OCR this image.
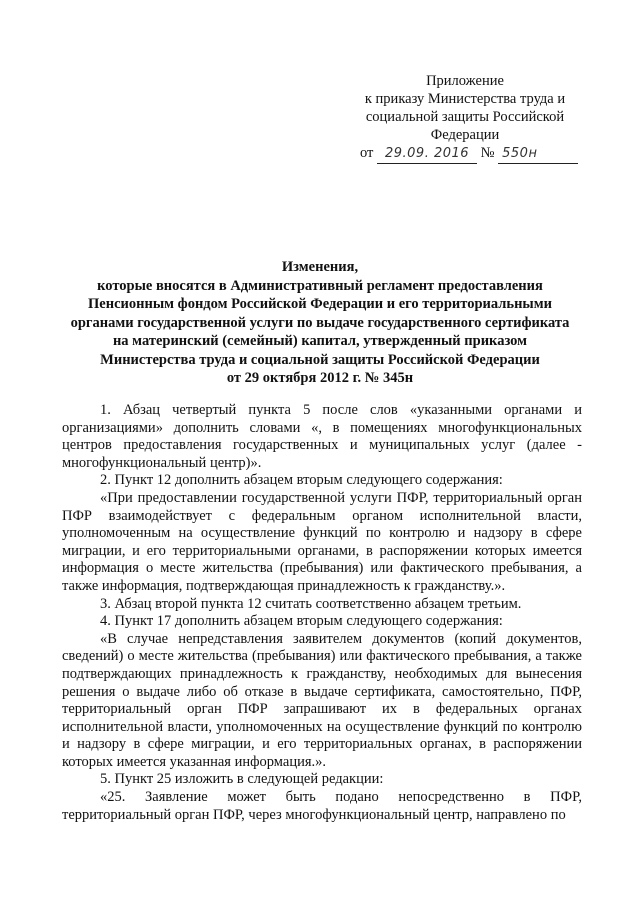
Приложение
к приказу Министерства труда и
социальной защиты Российской
Федерации
от 29.09. 2016 № 550н
Изменения,
которые вносятся в Административный регламент предоставления
Пенсионным фондом Российской Федерации и его территориальными
органами государственной услуги по выдаче государственного сертификата
на материнский (семейный) капитал, утвержденный приказом
Министерства труда и социальной защиты Российской Федерации
от 29 октября 2012 г. № 345н

1. Абзац четвертый пункта 5 после слов «указанными органами и организациями» дополнить словами «, в помещениях многофункциональных центров предоставления государственных и муниципальных услуг (далее - многофункциональный центр)».

2. Пункт 12 дополнить абзацем вторым следующего содержания:

«При предоставлении государственной услуги ПФР, территориальный орган ПФР взаимодействует с федеральным органом исполнительной власти, уполномоченным на осуществление функций по контролю и надзору в сфере миграции, и его территориальными органами, в распоряжении которых имеется информация о месте жительства (пребывания) или фактического пребывания, а также информация, подтверждающая принадлежность к гражданству.».

3. Абзац второй пункта 12 считать соответственно абзацем третьим.

4. Пункт 17 дополнить абзацем вторым следующего содержания:

«В случае непредставления заявителем документов (копий документов, сведений) о месте жительства (пребывания) или фактического пребывания, а также подтверждающих принадлежность к гражданству, необходимых для вынесения решения о выдаче либо об отказе в выдаче сертификата, самостоятельно, ПФР, территориальный орган ПФР запрашивают их в федеральных органах исполнительной власти, уполномоченных на осуществление функций по контролю и надзору в сфере миграции, и его территориальных органах, в распоряжении которых имеется указанная информация.».

5. Пункт 25 изложить в следующей редакции:

«25. Заявление может быть подано непосредственно в ПФР, территориальный орган ПФР, через многофункциональный центр, направлено по
